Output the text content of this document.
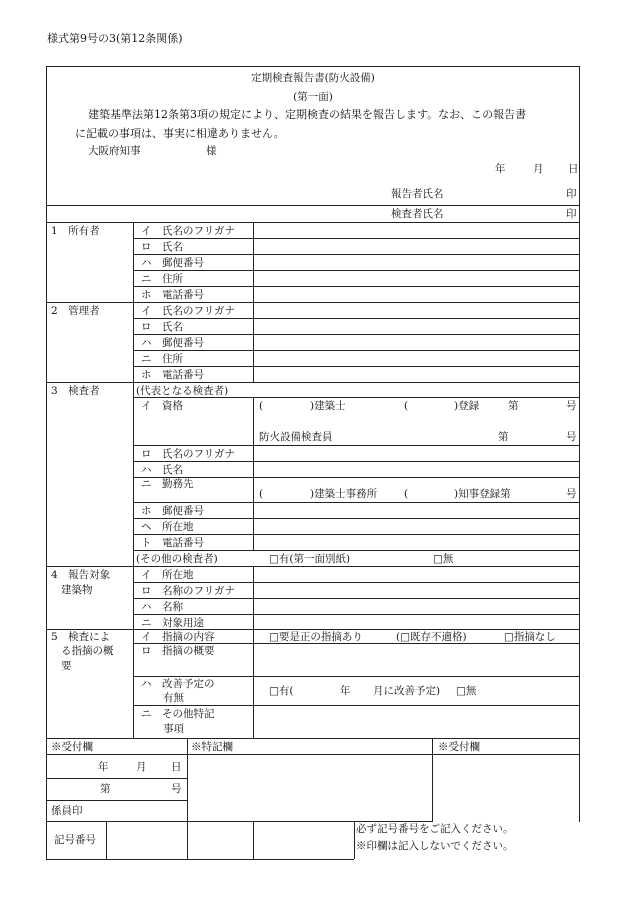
様式第9号の3(第12条関係)
定期検査報告書(防火設備)
(第一面)
建築基準法第12条第3項の規定により、定期検査の結果を報告します。なお、この報告書
に記載の事項は、事実に相違ありません。
大阪府知事	様
年	月 日
報告者氏名	印
検査者氏名	印
1　所有者	イ　氏名のフリガナ
ロ　氏名
ハ　郵便番号
ニ　住所
ホ　電話番号
2　管理者	イ　氏名のフリガナ
ロ　氏名
ハ　郵便番号
ニ　住所
ホ　電話番号
3　検査者	(代表となる検査者)
イ　資格	(	)建築士	(	)登録	第	号
防火設備検査員	第	号
ロ　氏名のフリガナ
ハ　氏名
ニ　勤務先
(	)建築士事務所	(	)知事登録第	号
ホ　郵便番号
ヘ　所在地
ト　電話番号
(その他の検査者)	□有(第一面別紙)	□無
4　報告対象
建築物
イ　所在地
ロ　名称のフリガナ
ハ　名称
ニ　対象用途
5　検査によ
る指摘の概
要
イ　指摘の内容	□要是正の指摘あり	(□既存不適格)	□指摘なし
ロ　指摘の概要
ハ　改善予定の
有無
□有(	年 月に改善予定) □無
ニ　その他特記
事項
※受付欄	※特記欄	※受付欄
年	月 日
第	号
係員印
記号番号
必ず記号番号をご記入ください。
※印欄は記入しないでください。
